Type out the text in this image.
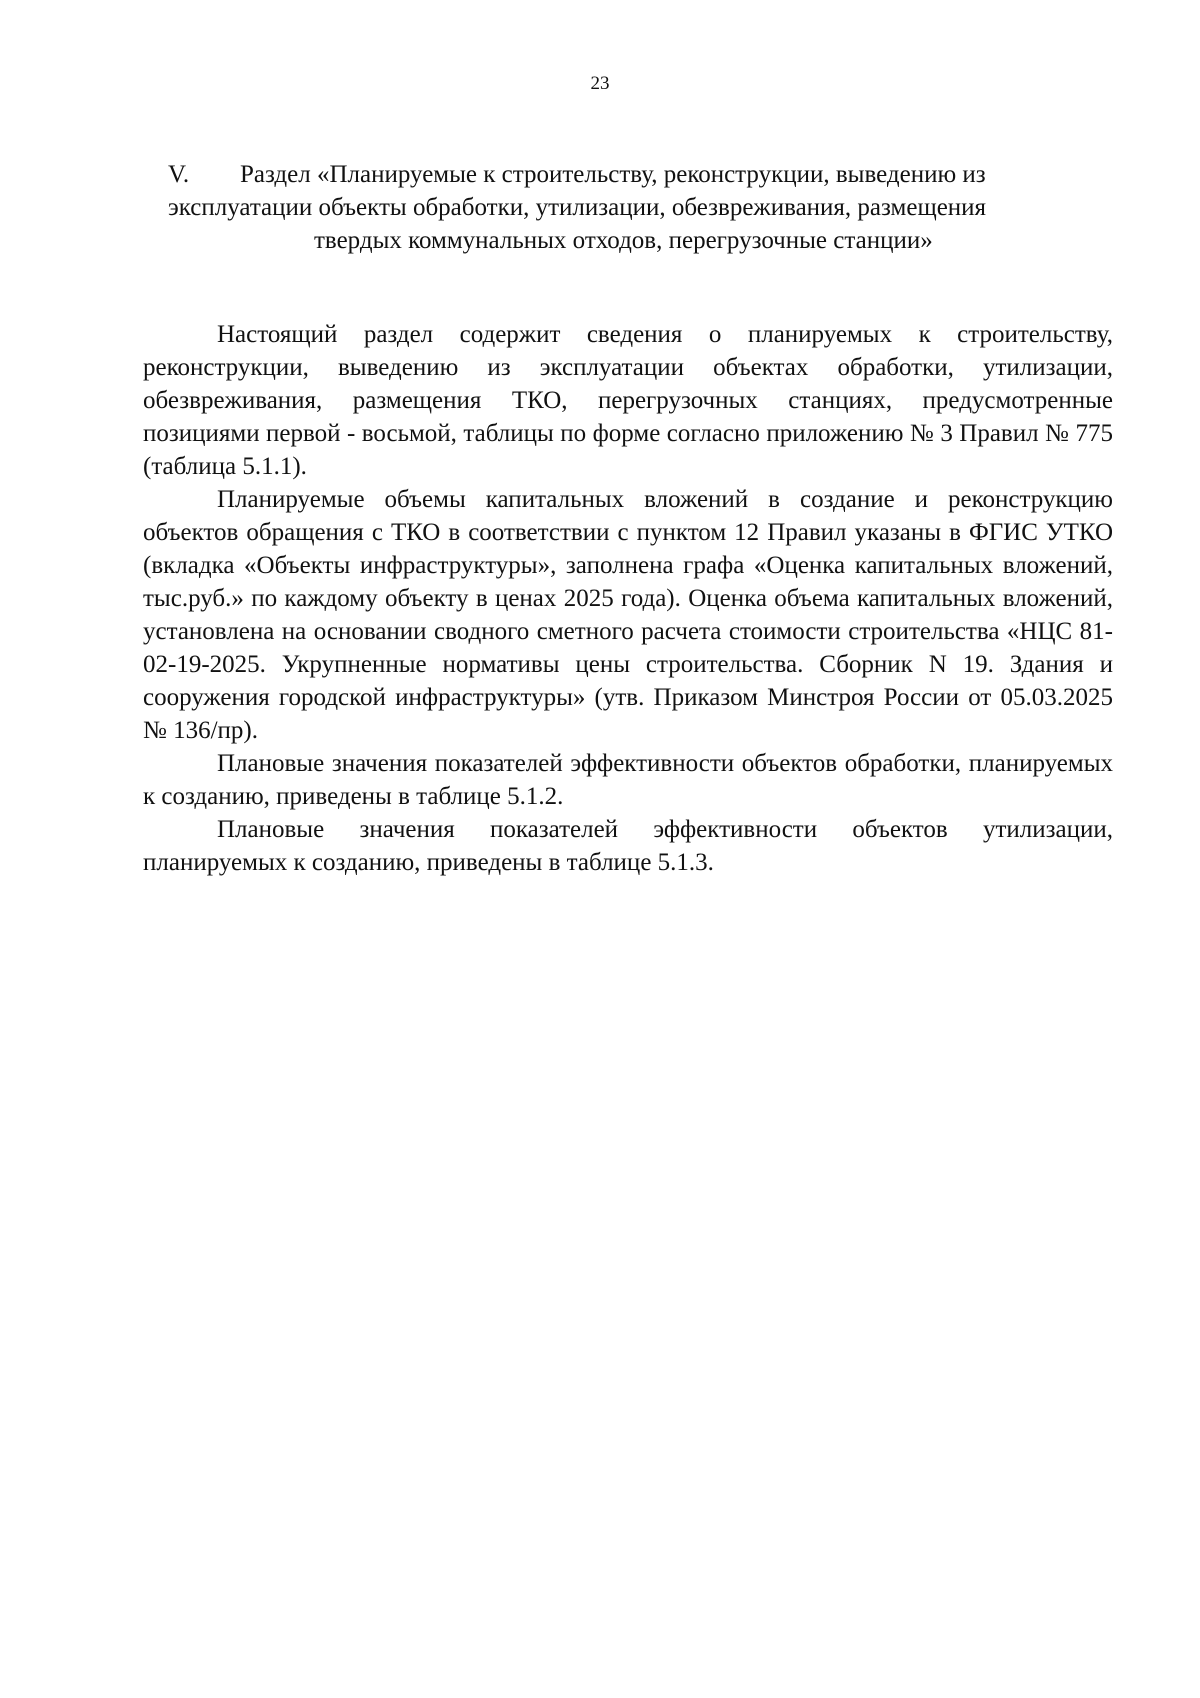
23
V. Раздел «Планируемые к строительству, реконструкции, выведению из
эксплуатации объекты обработки, утилизации, обезвреживания, размещения
твердых коммунальных отходов, перегрузочные станции»

Настоящий раздел содержит сведения о планируемых к строительству, реконструкции, выведению из эксплуатации объектах обработки, утилизации, обезвреживания, размещения ТКО, перегрузочных станциях, предусмотренные позициями первой - восьмой, таблицы по форме согласно приложению № 3 Правил № 775 (таблица 5.1.1).

Планируемые объемы капитальных вложений в создание и реконструкцию объектов обращения с ТКО в соответствии с пунктом 12 Правил указаны в ФГИС УТКО (вкладка «Объекты инфраструктуры», заполнена графа «Оценка капитальных вложений, тыс.руб.» по каждому объекту в ценах 2025 года). Оценка объема капитальных вложений, установлена на основании сводного сметного расчета стоимости строительства «НЦС 81-02-19-2025. Укрупненные нормативы цены строительства. Сборник N 19. Здания и сооружения городской инфраструктуры» (утв. Приказом Минстроя России от 05.03.2025 № 136/пр).

Плановые значения показателей эффективности объектов обработки, планируемых к созданию, приведены в таблице 5.1.2.

Плановые значения показателей эффективности объектов утилизации, планируемых к созданию, приведены в таблице 5.1.3.
